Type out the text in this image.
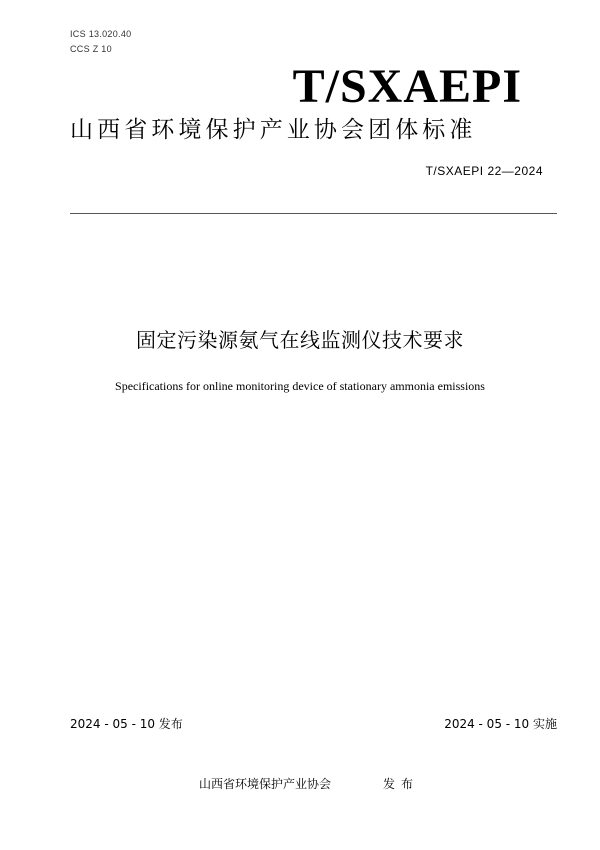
ICS 13.020.40
CCS Z 10
T/SXAEPI
山西省环境保护产业协会团体标准
T/SXAEPI 22—2024
固定污染源氨气在线监测仪技术要求
Specifications for online monitoring device of stationary ammonia emissions
2024 - 05 - 10 发布	2024 - 05 - 10 实施
山西省环境保护产业协会	发布
